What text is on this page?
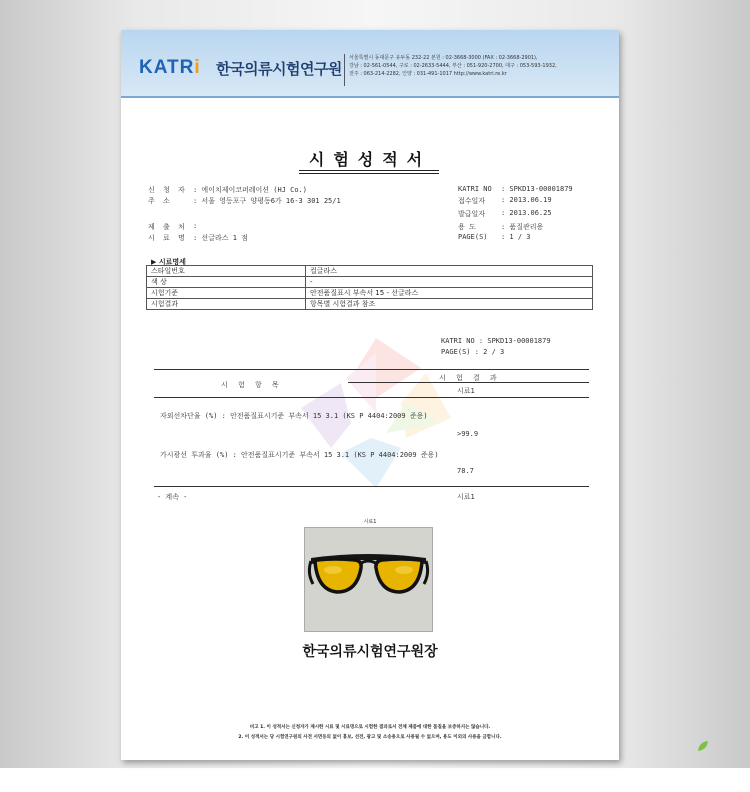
KATRi 한국의류시험연구원
서울특별시 동대문구 유두동 232-22 본원 : 02-3668-3000 (FAX : 02-3668-2901),
강남 : 02-561-0544, 구로 : 02-2633-5444, 부산 : 051-920-2700, 대구 : 053-593-1932,
전주 : 063-214-2282, 인양 : 031-491-1017 http://www.katri.re.kr
시험성적서
신 청 자 : 에이치제이코퍼레이션 (HJ Co.)
주 소	: 서울 영등포구 양평동6가 16-3 301 25/1
제 출 처 :
시 료 명 : 선글라스 1 점
KATRI NO : SPKD13-00001879
접수일자 : 2013.06.19
발급일자 : 2013.06.25
용 도	: 품질관리용
PAGE(S) : 1 / 3
▶ 시료명세
스타일번호	컬글라스
색 상	-
시험기준	안전품질표시 부속서 15 - 선글라스
시험결과	항목별 시험결과 참조
KATRI NO : SPKD13-00001879
PAGE(S) : 2 / 3
시 험 결 과
시 험 항 목
시료1
자외선차단율 (%) : 안전품질표시기준 부속서 15 3.1 (KS P 4404:2009 준용)
>99.9
가시광선 투과율 (%) : 안전품질표시기준 부속서 15 3.1 (KS P 4404:2009 준용)
78.7
- 계속 -	시료1
시료1
한국의류시험연구원장
비고 1. 이 성적서는 신청자가 제시한 시료 및 시료명으로 시험한 결과로서 전체 제품에 대한 품질을 보증하지는 않습니다.
2. 이 성적서는 당 시험연구원의 사전 서면동의 없이 홍보, 선전, 광고 및 소송용으로 사용될 수 없으며, 용도 이외의 사용을 금합니다.
